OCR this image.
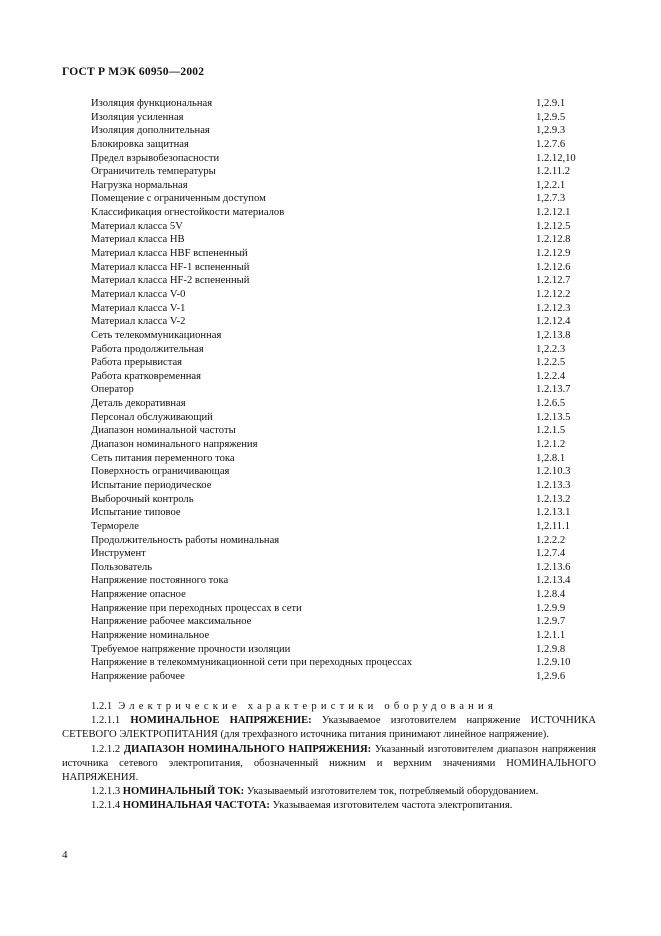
ГОСТ Р МЭК 60950—2002
Изоляция функциональная	1,2.9.1
Изоляция усиленная	1,2.9.5
Изоляция дополнительная	1,2.9.3
Блокировка защитная	1.2.7.6
Предел взрывобезопасности	1.2.12,10
Ограничитель температуры	1.2.11.2
Нагрузка нормальная	1,2.2.1
Помещение с ограниченным доступом	1,2.7.3
Классификация огнестойкости материалов	1.2.12.1
Материал класса 5V	1.2.12.5
Материал класса HB	1.2.12.8
Материал класса HBF вспененный	1.2.12.9
Материал класса HF-1 вспененный	1.2.12.6
Материал класса HF-2 вспененный	1.2.12.7
Материал класса V-0	1.2.12.2
Материал класса V-1	1.2.12.3
Материал класса V-2	1.2.12.4
Сеть телекоммуникационная	1,2.13.8
Работа продолжительная	1,2.2.3
Работа прерывистая	1.2.2.5
Работа кратковременная	1.2.2.4
Оператор	1.2.13.7
Деталь декоративная	1.2.6.5
Персонал обслуживающий	1.2.13.5
Диапазон номинальной частоты	1.2.1.5
Диапазон номинального напряжения	1.2.1.2
Сеть питания переменного тока	1,2.8.1
Поверхность ограничивающая	1.2.10.3
Испытание периодическое	1.2.13.3
Выборочный контроль	1.2.13.2
Испытание типовое	1.2.13.1
Термореле	1,2.11.1
Продолжительность работы номинальная	1.2.2.2
Инструмент	1.2.7.4
Пользователь	1.2.13.6
Напряжение постоянного тока	1.2.13.4
Напряжение опасное	1.2.8.4
Напряжение при переходных процессах в сети	1.2.9.9
Напряжение рабочее максимальное	1.2.9.7
Напряжение номинальное	1.2.1.1
Требуемое напряжение прочности изоляции	1.2.9.8
Напряжение в телекоммуникационной сети при переходных процессах	1.2.9.10
Напряжение рабочее	1,2.9.6

1.2.1 Электрические характеристики оборудования

1.2.1.1 НОМИНАЛЬНОЕ НАПРЯЖЕНИЕ: Указываемое изготовителем напряжение ИСТОЧНИКА СЕТЕВОГО ЭЛЕКТРОПИТАНИЯ (для трехфазного источника питания принимают линейное напряжение).

1.2.1.2 ДИАПАЗОН НОМИНАЛЬНОГО НАПРЯЖЕНИЯ: Указанный изготовителем диапазон напряжения источника сетевого электропитания, обозначенный нижним и верхним значениями НОМИНАЛЬНОГО НАПРЯЖЕНИЯ.

1.2.1.3 НОМИНАЛЬНЫЙ ТОК: Указываемый изготовителем ток, потребляемый оборудованием.

1.2.1.4 НОМИНАЛЬНАЯ ЧАСТОТА: Указываемая изготовителем частота электропитания.

4
